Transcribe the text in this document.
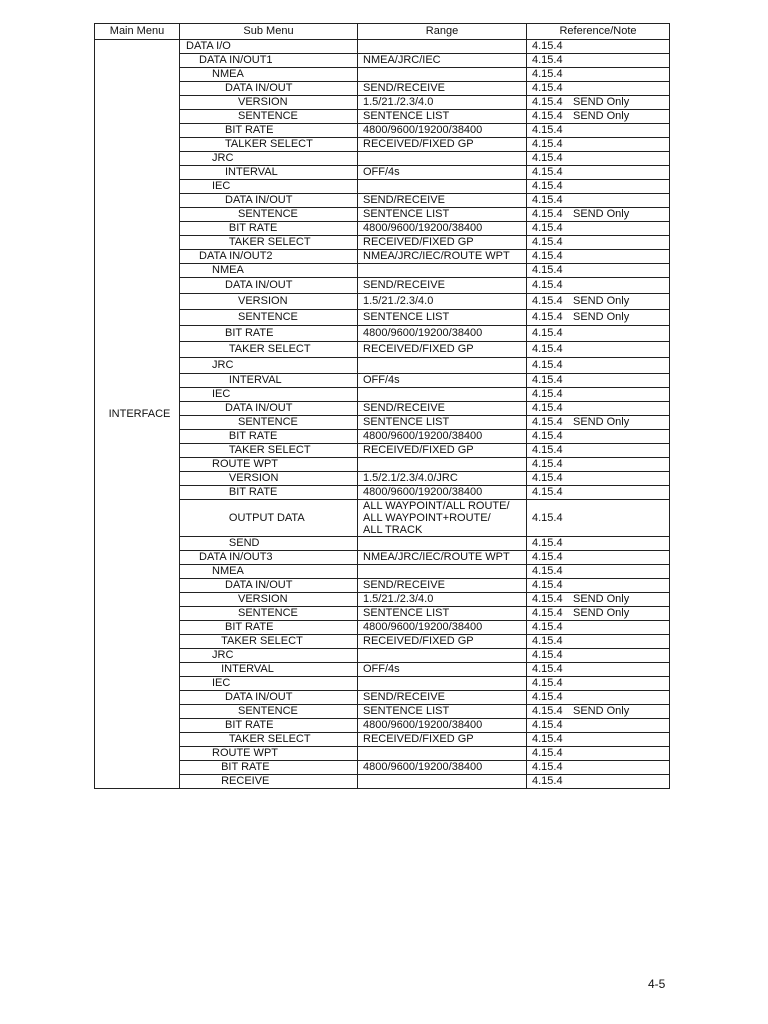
Main Menu	Sub Menu	Range	Reference/Note
INTERFACE	DATA I/O		4.15.4
	DATA IN/OUT1	NMEA/JRC/IEC	4.15.4
	NMEA		4.15.4
	DATA IN/OUT	SEND/RECEIVE	4.15.4
	VERSION	1.5/21./2.3/4.0	4.15.4 SEND Only
	SENTENCE	SENTENCE LIST	4.15.4 SEND Only
	BIT RATE	4800/9600/19200/38400	4.15.4
	TALKER SELECT	RECEIVED/FIXED GP	4.15.4
	JRC		4.15.4
	INTERVAL	OFF/4s	4.15.4
	IEC		4.15.4
	DATA IN/OUT	SEND/RECEIVE	4.15.4
	SENTENCE	SENTENCE LIST	4.15.4 SEND Only
	BIT RATE	4800/9600/19200/38400	4.15.4
	TAKER SELECT	RECEIVED/FIXED GP	4.15.4
	DATA IN/OUT2	NMEA/JRC/IEC/ROUTE WPT	4.15.4
	NMEA		4.15.4
	DATA IN/OUT	SEND/RECEIVE	4.15.4
	VERSION	1.5/21./2.3/4.0	4.15.4 SEND Only
	SENTENCE	SENTENCE LIST	4.15.4 SEND Only
	BIT RATE	4800/9600/19200/38400	4.15.4
	TAKER SELECT	RECEIVED/FIXED GP	4.15.4
	JRC		4.15.4
	INTERVAL	OFF/4s	4.15.4
	IEC		4.15.4
	DATA IN/OUT	SEND/RECEIVE	4.15.4
	SENTENCE	SENTENCE LIST	4.15.4 SEND Only
	BIT RATE	4800/9600/19200/38400	4.15.4
	TAKER SELECT	RECEIVED/FIXED GP	4.15.4
	ROUTE WPT		4.15.4
	VERSION	1.5/2.1/2.3/4.0/JRC	4.15.4
	BIT RATE	4800/9600/19200/38400	4.15.4
	OUTPUT DATA	ALL WAYPOINT/ALL ROUTE/
ALL WAYPOINT+ROUTE/
ALL TRACK	4.15.4
	SEND		4.15.4
	DATA IN/OUT3	NMEA/JRC/IEC/ROUTE WPT	4.15.4
	NMEA		4.15.4
	DATA IN/OUT	SEND/RECEIVE	4.15.4
	VERSION	1.5/21./2.3/4.0	4.15.4 SEND Only
	SENTENCE	SENTENCE LIST	4.15.4 SEND Only
	BIT RATE	4800/9600/19200/38400	4.15.4
	TAKER SELECT	RECEIVED/FIXED GP	4.15.4
	JRC		4.15.4
	INTERVAL	OFF/4s	4.15.4
	IEC		4.15.4
	DATA IN/OUT	SEND/RECEIVE	4.15.4
	SENTENCE	SENTENCE LIST	4.15.4 SEND Only
	BIT RATE	4800/9600/19200/38400	4.15.4
	TAKER SELECT	RECEIVED/FIXED GP	4.15.4
	ROUTE WPT		4.15.4
	BIT RATE	4800/9600/19200/38400	4.15.4
	RECEIVE		4.15.4
4-5
